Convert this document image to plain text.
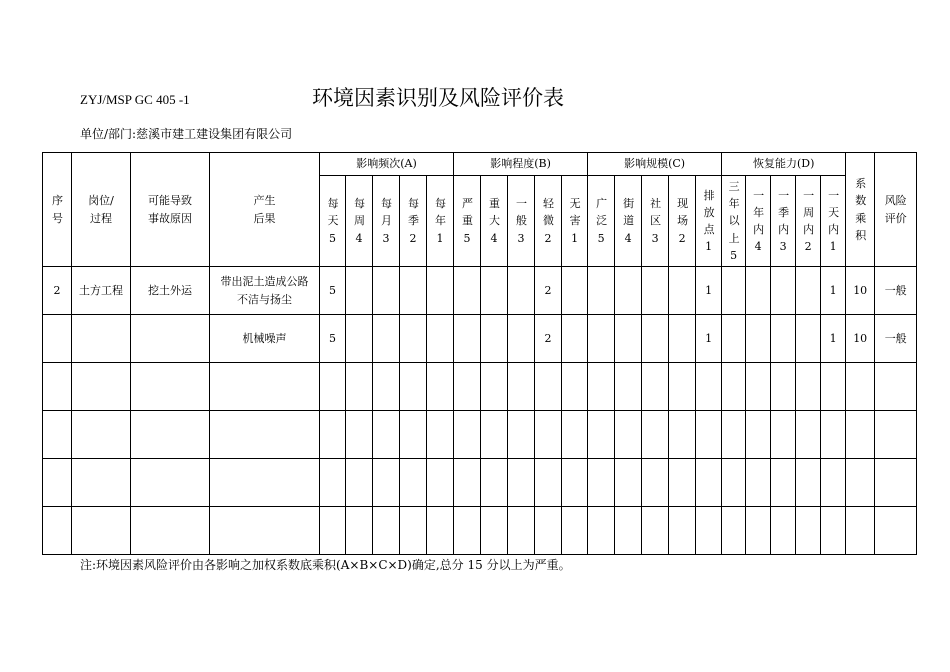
ZYJ/MSP GC 405 -1	环境因素识别及风险评价表
单位/部门:慈溪市建工建设集团有限公司
序号	岗位/过程	可能导致事故原因	产生后果	影响频次(A)					影响程度(B)					影响规模(C)					恢复能力(D)					系数乘积	风险评价

				每天5	每周4	每月3	每季2	每年1	严重5	重大4	一般3	轻微2	无害1	广泛5	街道4	社区3	现场2	排放点1	三年以上5	一年内4	一季内3	一周内2	一天内1		

2	土方工程	挖土外运	带出泥土造成公路不洁与扬尘	5								2						1					1	10	一般

			机械噪声	5								2						1					1	10	一般

注:环境因素风险评价由各影响之加权系数底乘积(A×B×C×D)确定,总分 15 分以上为严重。
